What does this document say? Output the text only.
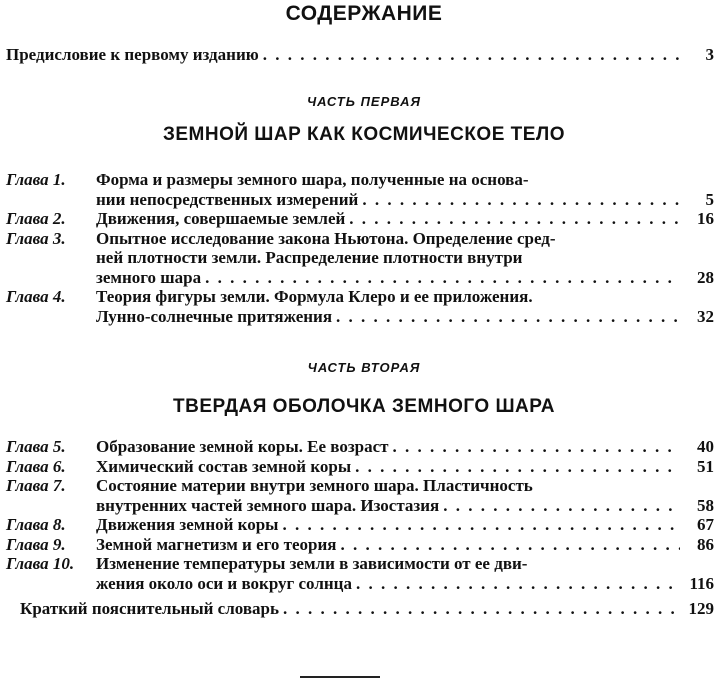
СОДЕРЖАНИЕ
Предисловие к первому изданию . . .	3
ЧАСТЬ ПЕРВАЯ
ЗЕМНОЙ ШАР КАК КОСМИЧЕСКОЕ ТЕЛО
Глава 1.	Форма и размеры земного шара, полученные на основа-
нии непосредственных измерений . . .	5
Глава 2.	Движения, совершаемые землей . . .	16
Глава 3.	Опытное исследование закона Ньютона. Определение сред-
ней плотности земли. Распределение плотности внутри
земного шара . . .	28
Глава 4.	Теория фигуры земли. Формула Клеро и ее приложения.
Лунно-солнечные притяжения . . .	32
ЧАСТЬ ВТОРАЯ
ТВЕРДАЯ ОБОЛОЧКА ЗЕМНОГО ШАРА
Глава 5.	Образование земной коры. Ее возраст . . .	40
Глава 6.	Химический состав земной коры . . .	51
Глава 7.	Состояние материи внутри земного шара. Пластичность
внутренних частей земного шара. Изостазия . . .	58
Глава 8.	Движения земной коры . . .	67
Глава 9.	Земной магнетизм и его теория . . .	86
Глава 10.	Изменение температуры земли в зависимости от ее дви-
жения около оси и вокруг солнца . . .	116
Краткий пояснительный словарь . . .	129
